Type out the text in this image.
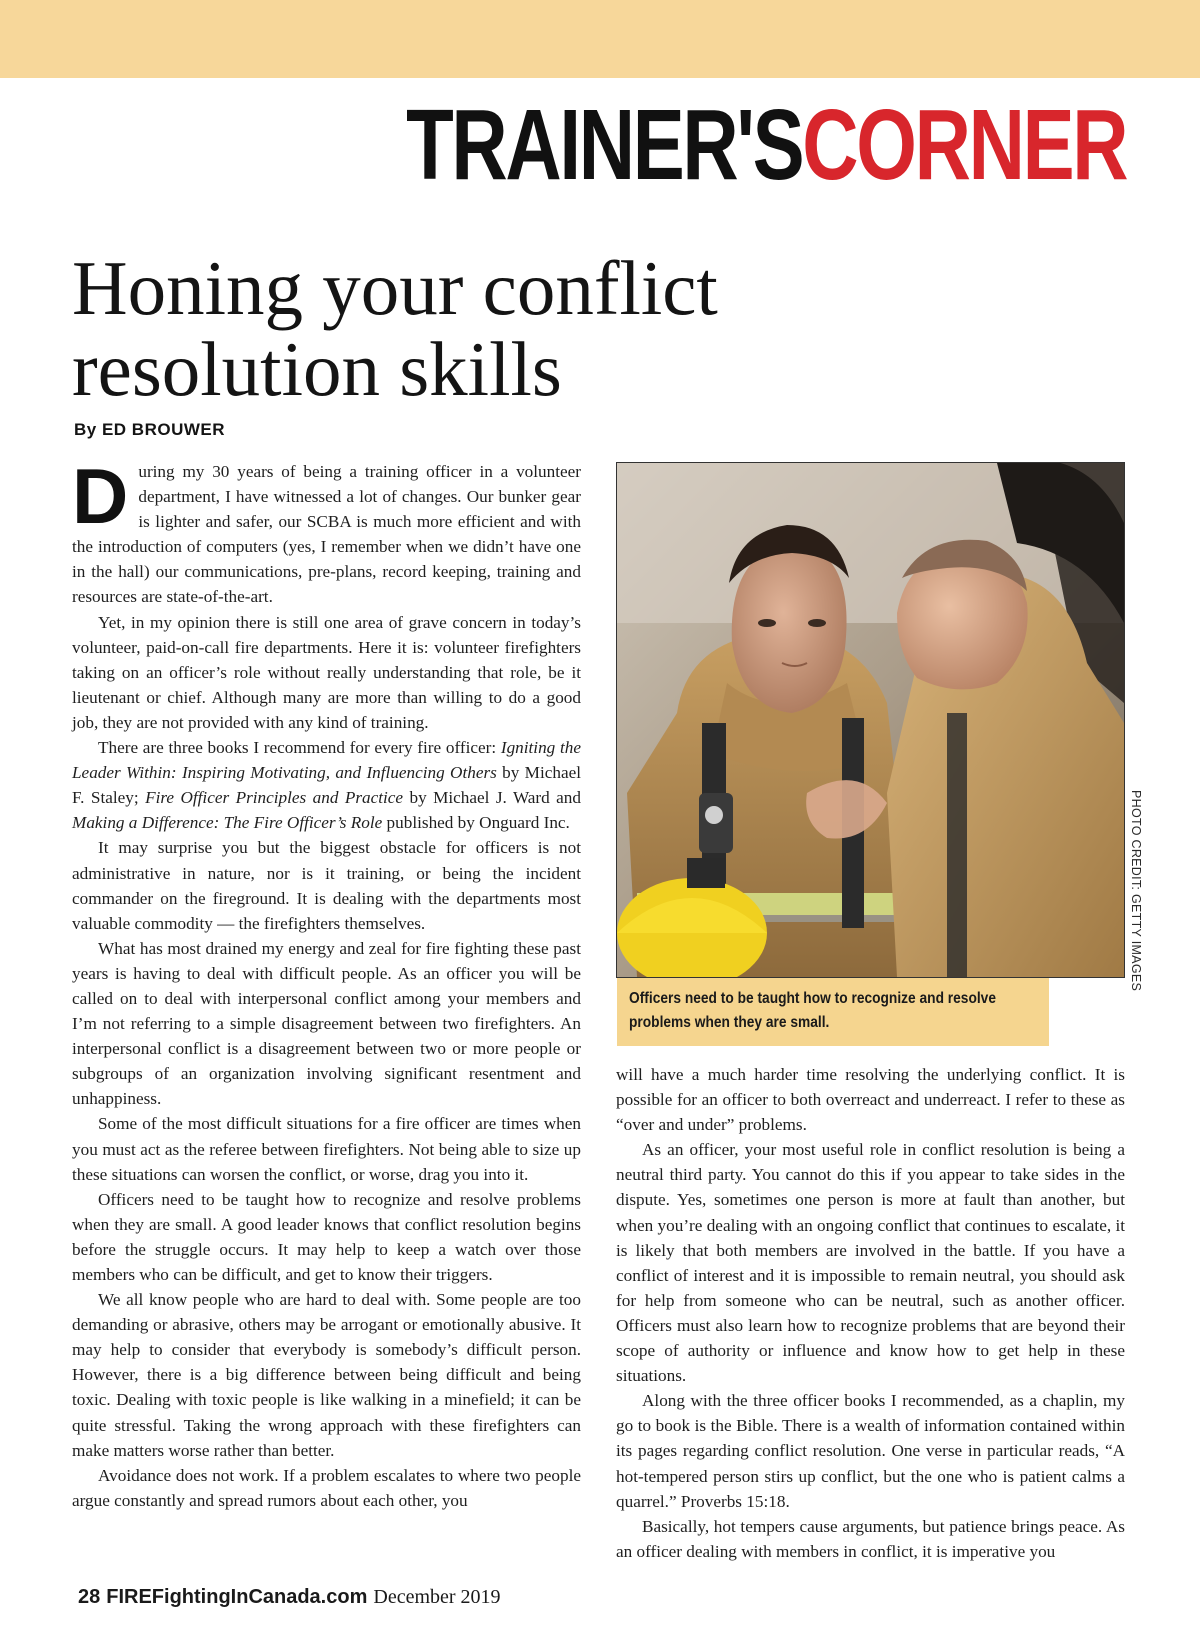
TRAINER'SCORNER
Honing your conflict resolution skills
By ED BROUWER

During my 30 years of being a training officer in a volunteer department, I have witnessed a lot of changes. Our bunker gear is lighter and safer, our SCBA is much more efficient and with the introduction of computers (yes, I remember when we didn’t have one in the hall) our communications, pre-plans, record keeping, training and resources are state-of-the-art.

Yet, in my opinion there is still one area of grave concern in today’s volunteer, paid-on-call fire departments. Here it is: volunteer firefighters taking on an officer’s role without really understanding that role, be it lieutenant or chief. Although many are more than willing to do a good job, they are not provided with any kind of training.

There are three books I recommend for every fire officer: Igniting the Leader Within: Inspiring Motivating, and Influencing Others by Michael F. Staley; Fire Officer Principles and Practice by Michael J. Ward and Making a Difference: The Fire Officer’s Role published by Onguard Inc.

It may surprise you but the biggest obstacle for officers is not administrative in nature, nor is it training, or being the incident commander on the fireground. It is dealing with the departments most valuable commodity — the firefighters themselves.

What has most drained my energy and zeal for fire fighting these past years is having to deal with difficult people. As an officer you will be called on to deal with interpersonal conflict among your members and I’m not referring to a simple disagreement between two firefighters. An interpersonal conflict is a disagreement between two or more people or subgroups of an organization involving significant resentment and unhappiness.

Some of the most difficult situations for a fire officer are times when you must act as the referee between firefighters. Not being able to size up these situations can worsen the conflict, or worse, drag you into it.

Officers need to be taught how to recognize and resolve problems when they are small. A good leader knows that conflict resolution begins before the struggle occurs. It may help to keep a watch over those members who can be difficult, and get to know their triggers.

We all know people who are hard to deal with. Some people are too demanding or abrasive, others may be arrogant or emotionally abusive. It may help to consider that everybody is somebody’s difficult person. However, there is a big difference between being difficult and being toxic. Dealing with toxic people is like walking in a minefield; it can be quite stressful. Taking the wrong approach with these firefighters can make matters worse rather than better.

Avoidance does not work. If a problem escalates to where two people argue constantly and spread rumors about each other, you

Officers need to be taught how to recognize and resolve problems when they are small.
PHOTO CREDIT: GETTY IMAGES

will have a much harder time resolving the underlying conflict. It is possible for an officer to both overreact and underreact. I refer to these as “over and under” problems.

As an officer, your most useful role in conflict resolution is being a neutral third party. You cannot do this if you appear to take sides in the dispute. Yes, sometimes one person is more at fault than another, but when you’re dealing with an ongoing conflict that continues to escalate, it is likely that both members are involved in the battle. If you have a conflict of interest and it is impossible to remain neutral, you should ask for help from someone who can be neutral, such as another officer. Officers must also learn how to recognize problems that are beyond their scope of authority or influence and know how to get help in these situations.

Along with the three officer books I recommended, as a chaplin, my go to book is the Bible. There is a wealth of information contained within its pages regarding conflict resolution. One verse in particular reads, “A hot-tempered person stirs up conflict, but the one who is patient calms a quarrel.” Proverbs 15:18.

Basically, hot tempers cause arguments, but patience brings peace. As an officer dealing with members in conflict, it is imperative you

28 FIREFightingInCanada.com December 2019
